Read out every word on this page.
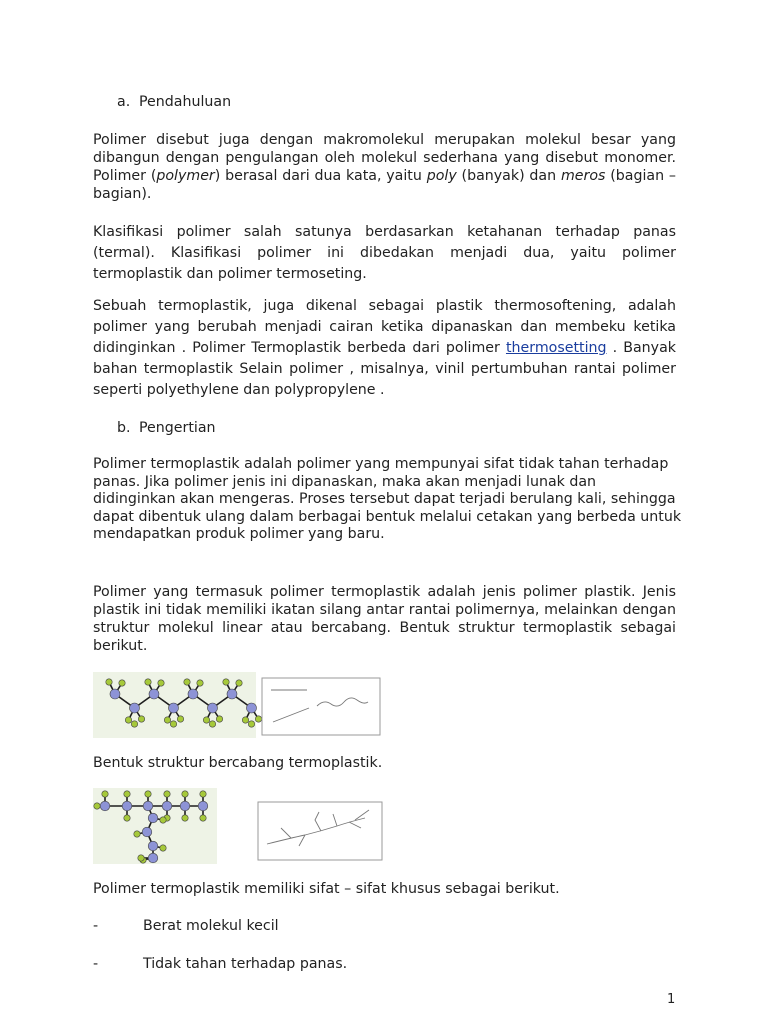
a. Pendahuluan

Polimer disebut juga dengan makromolekul merupakan molekul besar yang dibangun dengan pengulangan oleh molekul sederhana yang disebut monomer. Polimer (polymer) berasal dari dua kata, yaitu poly (banyak) dan meros (bagian – bagian).

Klasifikasi polimer salah satunya berdasarkan ketahanan terhadap panas (termal). Klasifikasi polimer ini dibedakan menjadi dua, yaitu polimer termoplastik dan polimer termoseting.

Sebuah termoplastik, juga dikenal sebagai plastik thermosoftening, adalah polimer yang berubah menjadi cairan ketika dipanaskan dan membeku ketika didinginkan . Polimer Termoplastik berbeda dari polimer thermosetting . Banyak bahan termoplastik Selain polimer , misalnya, vinil pertumbuhan rantai polimer seperti polyethylene dan polypropylene .

b. Pengertian

Polimer termoplastik adalah polimer yang mempunyai sifat tidak tahan terhadap panas. Jika polimer jenis ini dipanaskan, maka akan menjadi lunak dan didinginkan akan mengeras. Proses tersebut dapat terjadi berulang kali, sehingga dapat dibentuk ulang dalam berbagai bentuk melalui cetakan yang berbeda untuk mendapatkan produk polimer yang baru.

Polimer yang termasuk polimer termoplastik adalah jenis polimer plastik. Jenis plastik ini tidak memiliki ikatan silang antar rantai polimernya, melainkan dengan struktur molekul linear atau bercabang. Bentuk struktur termoplastik sebagai berikut.

Bentuk struktur bercabang termoplastik.
Polimer termoplastik memiliki sifat – sifat khusus sebagai berikut.
-	Berat molekul kecil
-	Tidak tahan terhadap panas.
1
